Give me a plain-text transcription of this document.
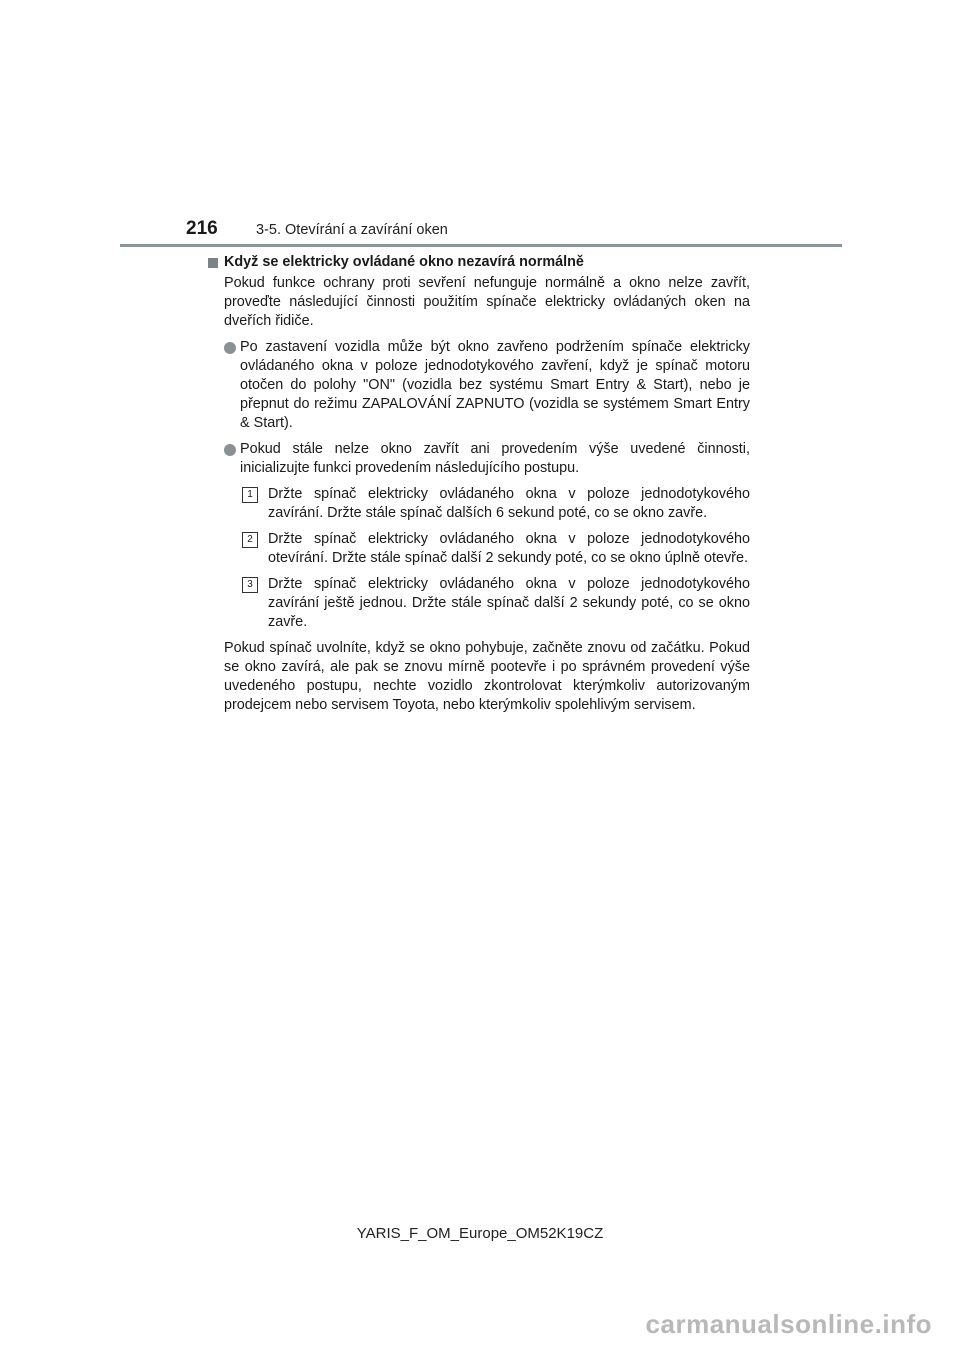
216	3-5. Otevírání a zavírání oken
Když se elektricky ovládané okno nezavírá normálně
Pokud funkce ochrany proti sevření nefunguje normálně a okno nelze zavřít, proveďte následující činnosti použitím spínače elektricky ovládaných oken na dveřích řidiče.
Po zastavení vozidla může být okno zavřeno podržením spínače elektricky ovládaného okna v poloze jednodotykového zavření, když je spínač motoru otočen do polohy "ON" (vozidla bez systému Smart Entry & Start), nebo je přepnut do režimu ZAPALOVÁNÍ ZAPNUTO (vozidla se systémem Smart Entry & Start).
Pokud stále nelze okno zavřít ani provedením výše uvedené činnosti, inicializujte funkci provedením následujícího postupu.
1	Držte spínač elektricky ovládaného okna v poloze jednodotykového zavírání. Držte stále spínač dalších 6 sekund poté, co se okno zavře.
2	Držte spínač elektricky ovládaného okna v poloze jednodotykového otevírání. Držte stále spínač další 2 sekundy poté, co se okno úplně otevře.
3	Držte spínač elektricky ovládaného okna v poloze jednodotykového zavírání ještě jednou. Držte stále spínač další 2 sekundy poté, co se okno zavře.
Pokud spínač uvolníte, když se okno pohybuje, začněte znovu od začátku. Pokud se okno zavírá, ale pak se znovu mírně pootevře i po správném provedení výše uvedeného postupu, nechte vozidlo zkontrolovat kterýmkoliv autorizovaným prodejcem nebo servisem Toyota, nebo kterýmkoliv spolehlivým servisem.
YARIS_F_OM_Europe_OM52K19CZ
carmanualsonline.info
